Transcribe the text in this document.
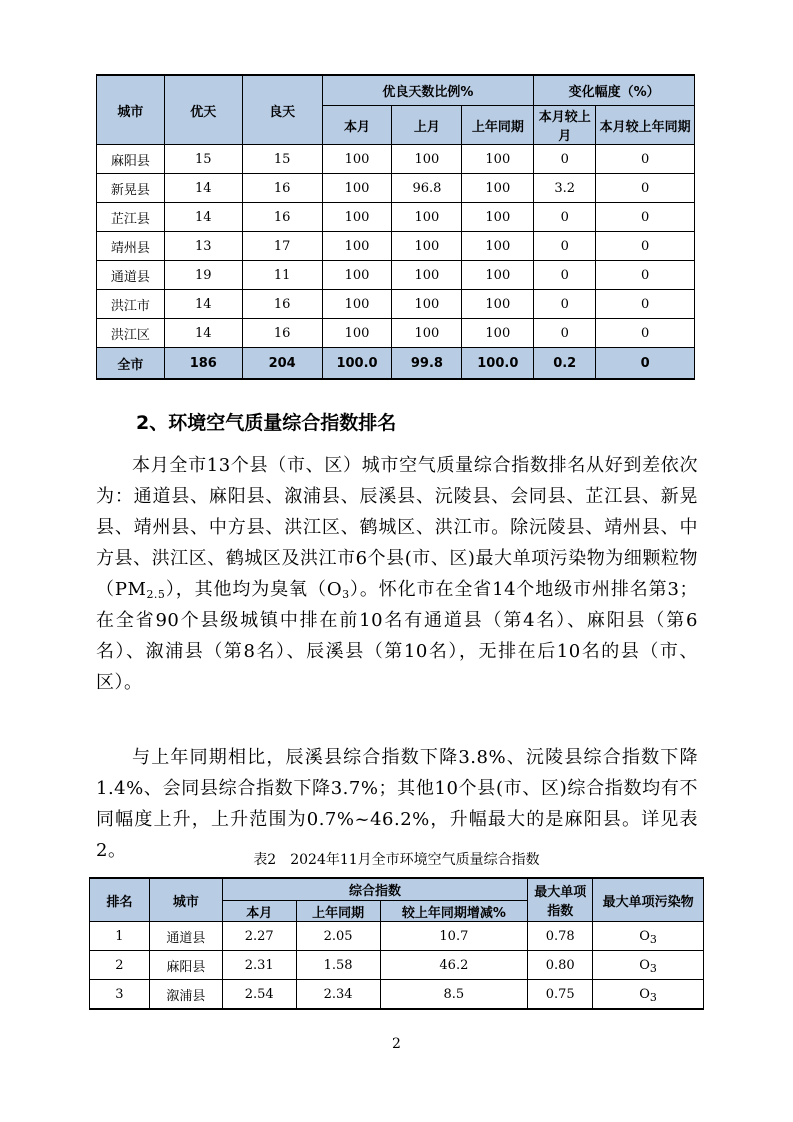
城市	优天	良天	优良天数比例%			变化幅度（%）	
			本月	上月	上年同期	本月较上月	本月较上年同期
麻阳县	15	15	100	100	100	0	0
新晃县	14	16	100	96.8	100	3.2	0
芷江县	14	16	100	100	100	0	0
靖州县	13	17	100	100	100	0	0
通道县	19	11	100	100	100	0	0
洪江市	14	16	100	100	100	0	0
洪江区	14	16	100	100	100	0	0
全市	186	204	100.0	99.8	100.0	0.2	0
2、环境空气质量综合指数排名

本月全市13个县（市、区）城市空气质量综合指数排名从好到差依次为：通道县、麻阳县、溆浦县、辰溪县、沅陵县、会同县、芷江县、新晃县、靖州县、中方县、洪江区、鹤城区、洪江市。除沅陵县、靖州县、中方县、洪江区、鹤城区及洪江市6个县(市、区)最大单项污染物为细颗粒物$(PM_{2.5})$，其他均为臭氧$(O_3)$。怀化市在全省14个地级市州排名第3；在全省90个县级城镇中排在前10名有通道县（第4名）、麻阳县（第6名）、溆浦县（第8名）、辰溪县（第10名），无排在后10名的县（市、区）。

与上年同期相比，辰溪县综合指数下降3.8%、沅陵县综合指数下降1.4%、会同县综合指数下降3.7%；其他10个县(市、区)综合指数均有不同幅度上升，上升范围为0.7%~46.2%，升幅最大的是麻阳县。详见表2。	表2　2024年11月全市环境空气质量综合指数

排名	城市	综合指数			最大单项指数	最大单项污染物
		本月	上年同期	较上年同期增减%		
1	通道县	2.27	2.05	10.7	0.78	$O_3$
2	麻阳县	2.31	1.58	46.2	0.80	$O_3$
3	溆浦县	2.54	2.34	8.5	0.75	$O_3$

2
